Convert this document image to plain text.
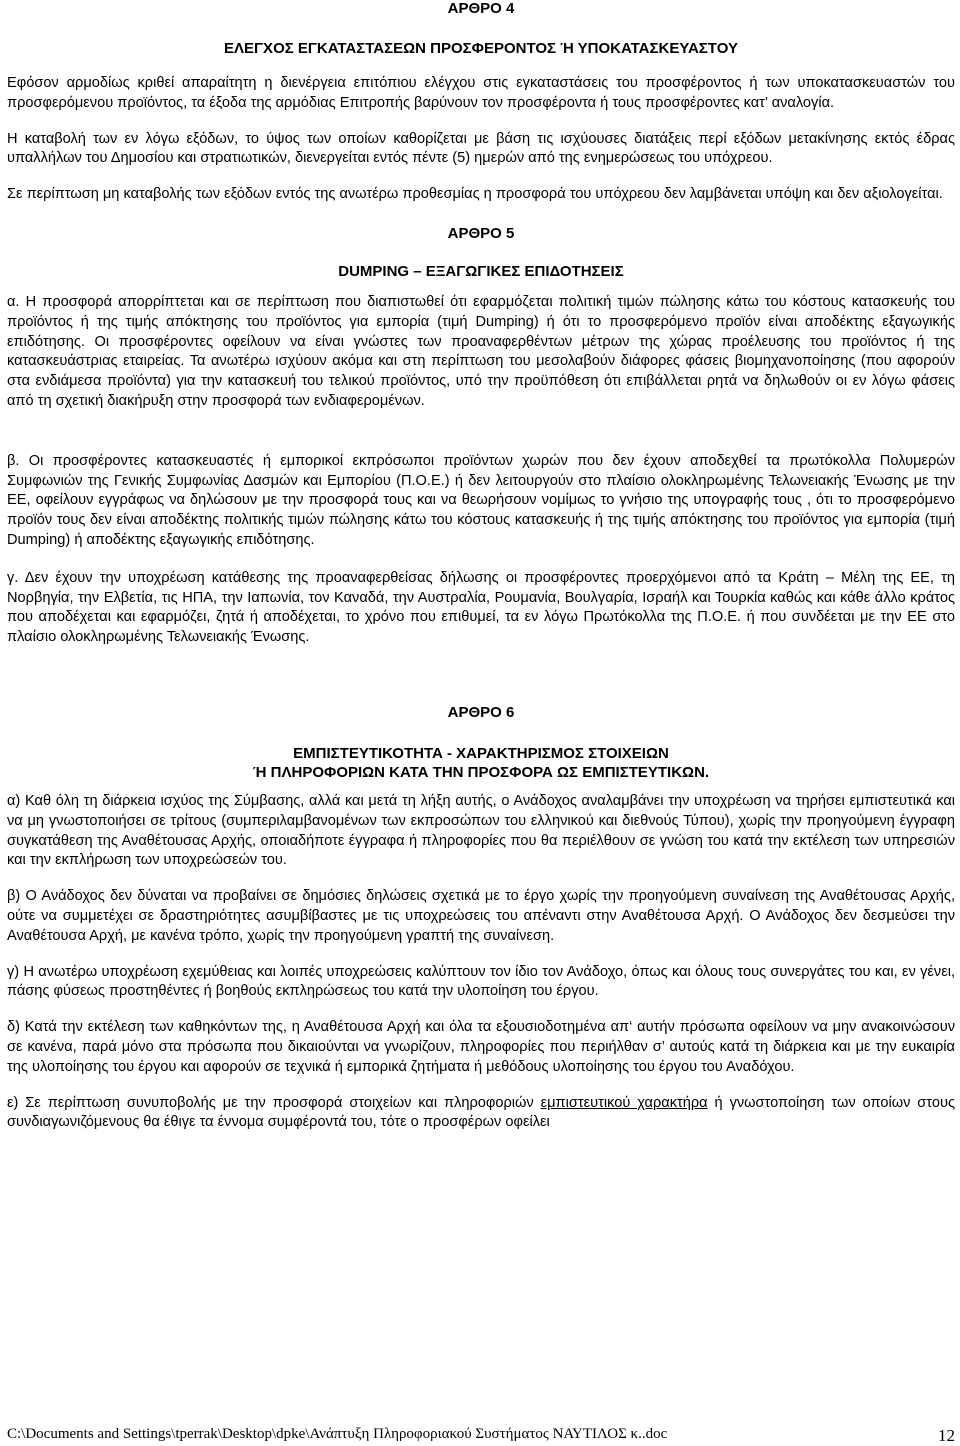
ΑΡΘΡΟ 4
ΕΛΕΓΧΟΣ ΕΓΚΑΤΑΣΤΑΣΕΩΝ ΠΡΟΣΦΕΡΟΝΤΟΣ Ή ΥΠΟΚΑΤΑΣΚΕΥΑΣΤΟΥ

Εφόσον αρμοδίως κριθεί απαραίτητη η διενέργεια επιτόπιου ελέγχου στις εγκαταστάσεις του προσφέροντος ή των υποκατασκευαστών του προσφερόμενου προϊόντος, τα έξοδα της αρμόδιας Επιτροπής βαρύνουν τον προσφέροντα ή τους προσφέροντες κατ’ αναλογία.

Η καταβολή των εν λόγω εξόδων, το ύψος των οποίων καθορίζεται με βάση τις ισχύουσες διατάξεις περί εξόδων μετακίνησης εκτός έδρας υπαλλήλων του Δημοσίου και στρατιωτικών, διενεργείται εντός πέντε (5) ημερών από της ενημερώσεως του υπόχρεου.

Σε περίπτωση μη καταβολής των εξόδων εντός της ανωτέρω προθεσμίας η προσφορά του υπόχρεου δεν λαμβάνεται υπόψη και δεν αξιολογείται.

ΑΡΘΡΟ 5
DUMPING – ΕΞΑΓΩΓΙΚΕΣ ΕΠΙΔΟΤΗΣΕΙΣ

α. Η προσφορά απορρίπτεται και σε περίπτωση που διαπιστωθεί ότι εφαρμόζεται πολιτική τιμών πώλησης κάτω του κόστους κατασκευής του προϊόντος ή της τιμής απόκτησης του προϊόντος για εμπορία (τιμή Dumping) ή ότι το προσφερόμενο προϊόν είναι αποδέκτης εξαγωγικής επιδότησης. Οι προσφέροντες οφείλουν να είναι γνώστες των προαναφερθέντων μέτρων της χώρας προέλευσης του προϊόντος ή της κατασκευάστριας εταιρείας. Τα ανωτέρω ισχύουν ακόμα και στη περίπτωση του μεσολαβούν διάφορες φάσεις βιομηχανοποίησης (που αφορούν στα ενδιάμεσα προϊόντα) για την κατασκευή του τελικού προϊόντος, υπό την προϋπόθεση ότι επιβάλλεται ρητά να δηλωθούν οι εν λόγω φάσεις από τη σχετική διακήρυξη στην προσφορά των ενδιαφερομένων.

β. Οι προσφέροντες κατασκευαστές ή εμπορικοί εκπρόσωποι προϊόντων χωρών που δεν έχουν αποδεχθεί τα πρωτόκολλα Πολυμερών Συμφωνιών της Γενικής Συμφωνίας Δασμών και Εμπορίου (Π.Ο.Ε.) ή δεν λειτουργούν στο πλαίσιο ολοκληρωμένης Τελωνειακής Ένωσης με την ΕΕ, οφείλουν εγγράφως να δηλώσουν με την προσφορά τους και να θεωρήσουν νομίμως το γνήσιο της υπογραφής τους , ότι το προσφερόμενο προϊόν τους δεν είναι αποδέκτης πολιτικής τιμών πώλησης κάτω του κόστους κατασκευής ή της τιμής απόκτησης του προϊόντος για εμπορία (τιμή Dumping) ή αποδέκτης εξαγωγικής επιδότησης.

γ. Δεν έχουν την υποχρέωση κατάθεσης της προαναφερθείσας δήλωσης οι προσφέροντες προερχόμενοι από τα Κράτη – Μέλη της ΕΕ, τη Νορβηγία, την Ελβετία, τις ΗΠΑ, την Ιαπωνία, τον Καναδά, την Αυστραλία, Ρουμανία, Βουλγαρία, Ισραήλ και Τουρκία καθώς και κάθε άλλο κράτος που αποδέχεται και εφαρμόζει, ζητά ή αποδέχεται, το χρόνο που επιθυμεί, τα εν λόγω Πρωτόκολλα της Π.Ο.Ε. ή που συνδέεται με την ΕΕ στο πλαίσιο ολοκληρωμένης Τελωνειακής Ένωσης.

ΑΡΘΡΟ 6
ΕΜΠΙΣΤΕΥΤΙΚΟΤΗΤΑ - ΧΑΡΑΚΤΗΡΙΣΜΟΣ ΣΤΟΙΧΕΙΩΝ
Ή ΠΛΗΡΟΦΟΡΙΩΝ ΚΑΤΑ ΤΗΝ ΠΡΟΣΦΟΡΑ ΩΣ ΕΜΠΙΣΤΕΥΤΙΚΩΝ.

α) Καθ όλη τη διάρκεια ισχύος της Σύμβασης, αλλά και μετά τη λήξη αυτής, ο Ανάδοχος αναλαμβάνει την υποχρέωση να τηρήσει εμπιστευτικά και να μη γνωστοποιήσει σε τρίτους (συμπεριλαμβανομένων των εκπροσώπων του ελληνικού και διεθνούς Τύπου), χωρίς την προηγούμενη έγγραφη συγκατάθεση της Αναθέτουσας Αρχής, οποιαδήποτε έγγραφα ή πληροφορίες που θα περιέλθουν σε γνώση του κατά την εκτέλεση των υπηρεσιών και την εκπλήρωση των υποχρεώσεών του.

β) Ο Ανάδοχος δεν δύναται να προβαίνει σε δημόσιες δηλώσεις σχετικά με το έργο χωρίς την προηγούμενη συναίνεση της Αναθέτουσας Αρχής, ούτε να συμμετέχει σε δραστηριότητες ασυμβίβαστες με τις υποχρεώσεις του απέναντι στην Αναθέτουσα Αρχή. Ο Ανάδοχος δεν δεσμεύσει την Αναθέτουσα Αρχή, με κανένα τρόπο, χωρίς την προηγούμενη γραπτή της συναίνεση.

γ) Η ανωτέρω υποχρέωση εχεμύθειας και λοιπές υποχρεώσεις καλύπτουν τον ίδιο τον Ανάδοχο, όπως και όλους τους συνεργάτες του και, εν γένει, πάσης φύσεως προστηθέντες ή βοηθούς εκπληρώσεως του κατά την υλοποίηση του έργου.

δ) Κατά την εκτέλεση των καθηκόντων της, η Αναθέτουσα Αρχή και όλα τα εξουσιοδοτημένα απ‘ αυτήν πρόσωπα οφείλουν να μην ανακοινώσουν σε κανένα, παρά μόνο στα πρόσωπα που δικαιούνται να γνωρίζουν, πληροφορίες που περιήλθαν σ’ αυτούς κατά τη διάρκεια και με την ευκαιρία της υλοποίησης του έργου και αφορούν σε τεχνικά ή εμπορικά ζητήματα ή μεθόδους υλοποίησης του έργου του Αναδόχου.

ε) Σε περίπτωση συνυποβολής με την προσφορά στοιχείων και πληροφοριών εμπιστευτικού χαρακτήρα ή γνωστοποίηση των οποίων στους συνδιαγωνιζόμενους θα έθιγε τα έννομα συμφέροντά του, τότε ο προσφέρων οφείλει

C:\Documents and Settings\tperrak\Desktop\dpke\Ανάπτυξη Πληροφοριακού Συστήματος ΝΑΥΤΙΛΟΣ κ..doc	12
